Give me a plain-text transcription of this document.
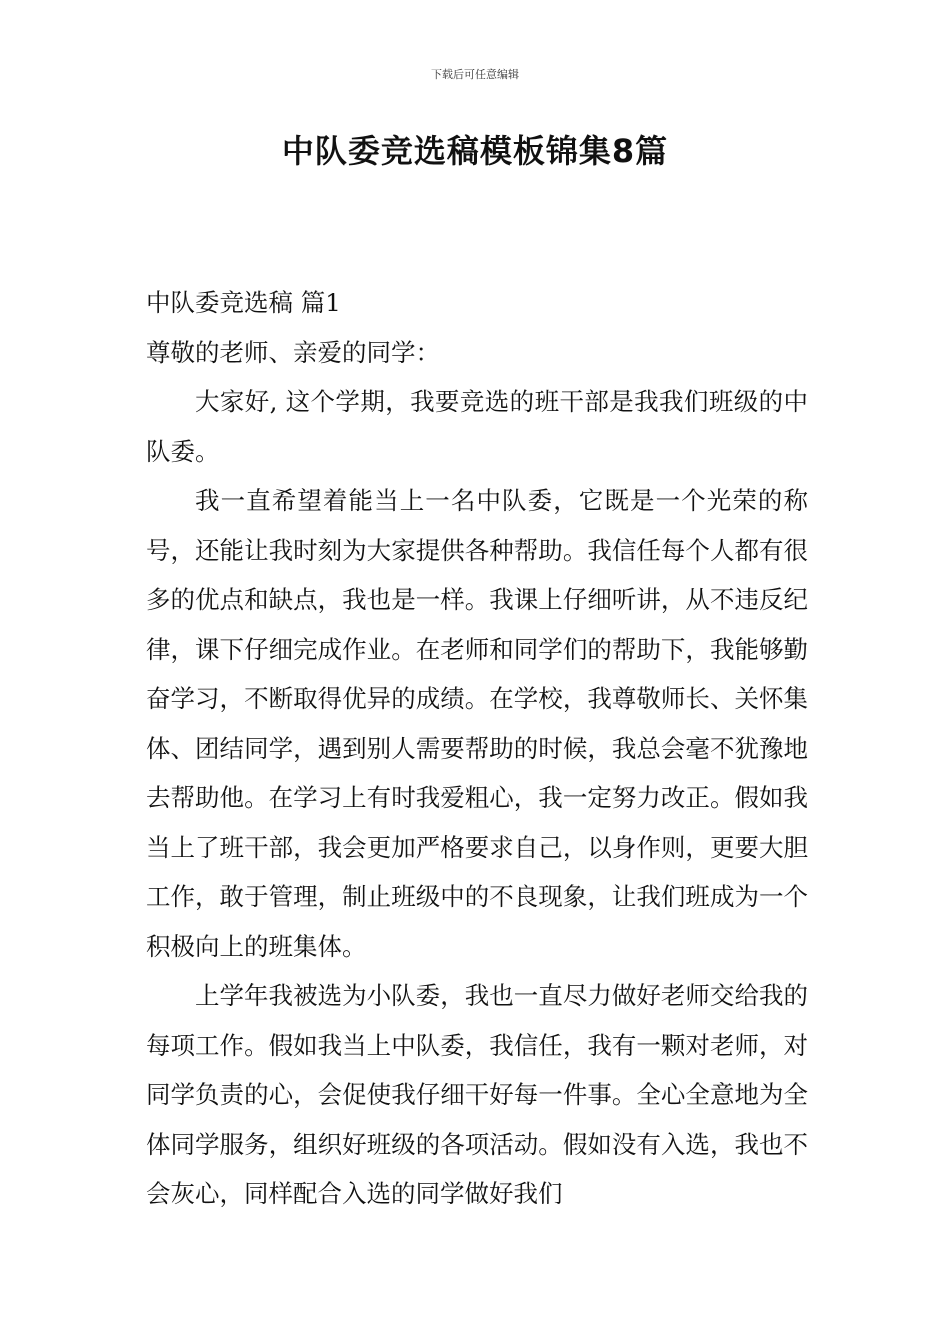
下载后可任意编辑
中队委竞选稿模板锦集8篇

中队委竞选稿 篇1

尊敬的老师、亲爱的同学：

大家好, 这个学期，我要竞选的班干部是我我们班级的中队委。

我一直希望着能当上一名中队委，它既是一个光荣的称号，还能让我时刻为大家提供各种帮助。我信任每个人都有很多的优点和缺点，我也是一样。我课上仔细听讲，从不违反纪律，课下仔细完成作业。在老师和同学们的帮助下，我能够勤奋学习，不断取得优异的成绩。在学校，我尊敬师长、关怀集体、团结同学，遇到别人需要帮助的时候，我总会毫不犹豫地去帮助他。在学习上有时我爱粗心，我一定努力改正。假如我当上了班干部，我会更加严格要求自己，以身作则，更要大胆工作，敢于管理，制止班级中的不良现象，让我们班成为一个积极向上的班集体。

上学年我被选为小队委，我也一直尽力做好老师交给我的每项工作。假如我当上中队委，我信任，我有一颗对老师，对同学负责的心，会促使我仔细干好每一件事。全心全意地为全体同学服务，组织好班级的各项活动。假如没有入选，我也不会灰心，同样配合入选的同学做好我们
